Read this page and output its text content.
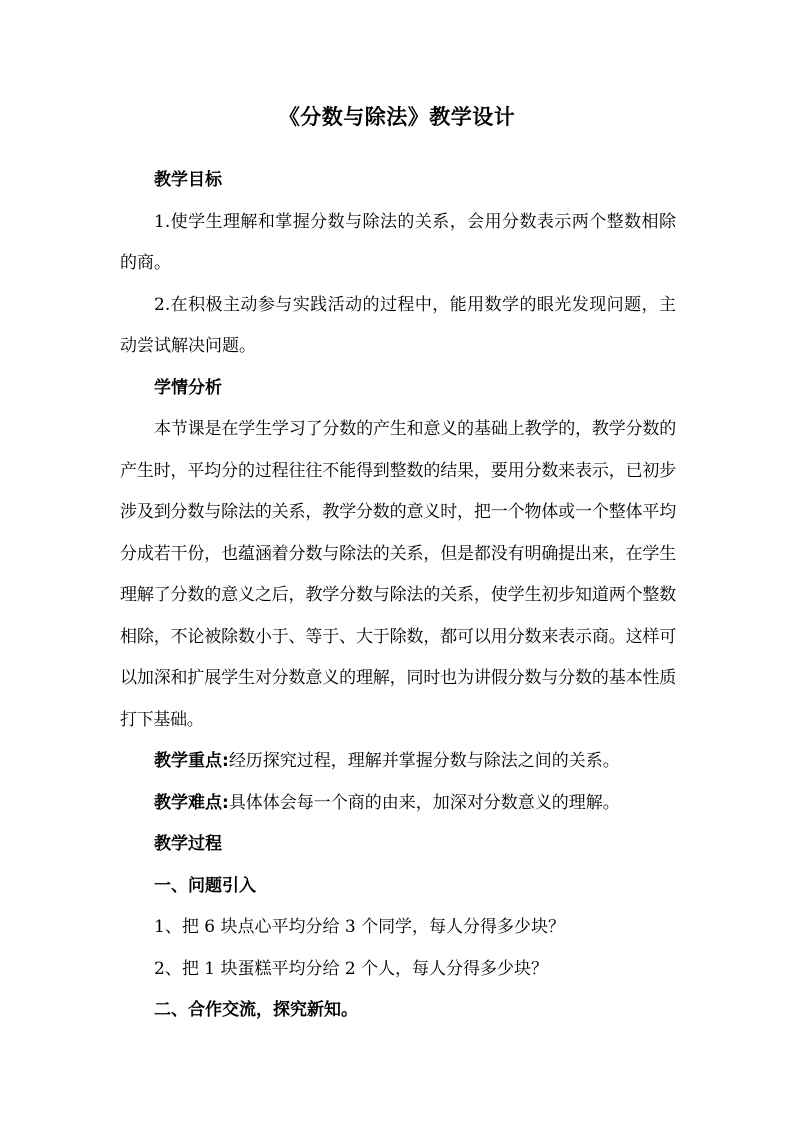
《分数与除法》教学设计

教学目标

1.使学生理解和掌握分数与除法的关系，会用分数表示两个整数相除的商。

2.在积极主动参与实践活动的过程中，能用数学的眼光发现问题，主动尝试解决问题。

学情分析

本节课是在学生学习了分数的产生和意义的基础上教学的，教学分数的产生时，平均分的过程往往不能得到整数的结果，要用分数来表示，已初步涉及到分数与除法的关系，教学分数的意义时，把一个物体或一个整体平均分成若干份，也蕴涵着分数与除法的关系，但是都没有明确提出来，在学生理解了分数的意义之后，教学分数与除法的关系，使学生初步知道两个整数相除，不论被除数小于、等于、大于除数，都可以用分数来表示商。这样可以加深和扩展学生对分数意义的理解，同时也为讲假分数与分数的基本性质打下基础。

教学重点:经历探究过程，理解并掌握分数与除法之间的关系。

教学难点:具体体会每一个商的由来，加深对分数意义的理解。

教学过程

一、问题引入

1、把 6 块点心平均分给 3 个同学，每人分得多少块？

2、把 1 块蛋糕平均分给 2 个人，每人分得多少块？

二、合作交流，探究新知。
